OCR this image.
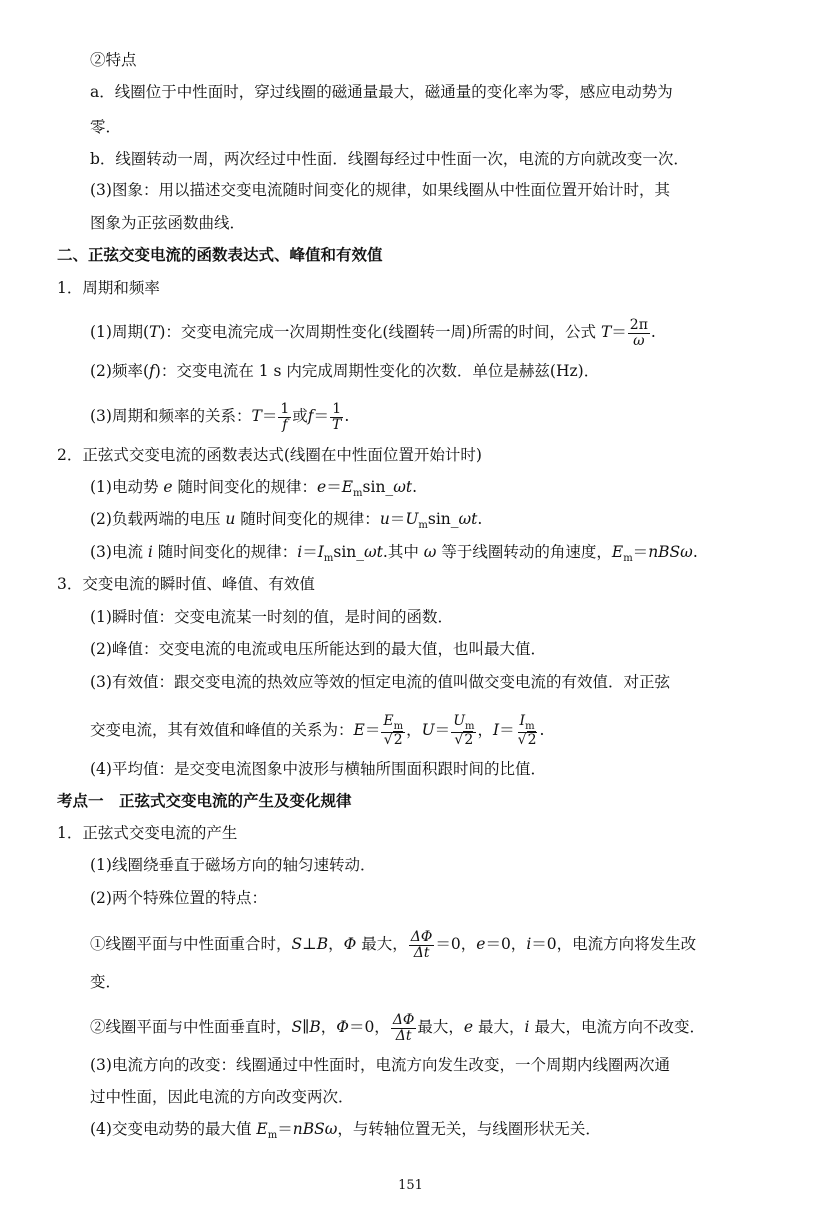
②特点
a．线圈位于中性面时，穿过线圈的磁通量最大，磁通量的变化率为零，感应电动势为
零．
b．线圈转动一周，两次经过中性面．线圈每经过中性面一次，电流的方向就改变一次．
(3)图象：用以描述交变电流随时间变化的规律，如果线圈从中性面位置开始计时，其
图象为正弦函数曲线．
二、正弦交变电流的函数表达式、峰值和有效值
1．周期和频率
(1)周期(T)：交变电流完成一次周期性变化(线圈转一周)所需的时间，公式 $T= \frac{2\pi}{\omega}$ .
(2)频率(f)：交变电流在 1 s 内完成周期性变化的次数．单位是赫兹(Hz)．
(3)周期和频率的关系：$T= \frac{1}{f}$ 或$f= \frac{1}{T}$ .
2．正弦式交变电流的函数表达式(线圈在中性面位置开始计时)
(1)电动势 e 随时间变化的规律：$e=E_m\sin\_\omega t$.
(2)负载两端的电压 u 随时间变化的规律：$u=U_m\sin\_\omega t$.
(3)电流 i 随时间变化的规律：$i=I_m\sin\_\omega t$.其中 ω 等于线圈转动的角速度，$E_m=nBS\omega$.
3．交变电流的瞬时值、峰值、有效值
(1)瞬时值：交变电流某一时刻的值，是时间的函数．
(2)峰值：交变电流的电流或电压所能达到的最大值，也叫最大值．
(3)有效值：跟交变电流的热效应等效的恒定电流的值叫做交变电流的有效值．对正弦
交变电流，其有效值和峰值的关系为：$E= \frac{E_m}{√2}$ ，$U= \frac{U_m}{√2}$ ，$I= \frac{I_m}{√2}$ .
(4)平均值：是交变电流图象中波形与横轴所围面积跟时间的比值．
考点一　正弦式交变电流的产生及变化规律
1．正弦式交变电流的产生
(1)线圈绕垂直于磁场方向的轴匀速转动．
(2)两个特殊位置的特点：
①线圈平面与中性面重合时，S⊥B，Φ 最大， $\frac{\Delta\Phi}{\Delta t} =0$，e＝0，i＝0，电流方向将发生改
变．
②线圈平面与中性面垂直时，S∥B，Φ＝0， $\frac{\Delta\Phi}{\Delta t}$ 最大，e 最大，i 最大，电流方向不改变．
(3)电流方向的改变：线圈通过中性面时，电流方向发生改变，一个周期内线圈两次通
过中性面，因此电流的方向改变两次．
(4)交变电动势的最大值 $E_m=nBS\omega$，与转轴位置无关，与线圈形状无关．
151
